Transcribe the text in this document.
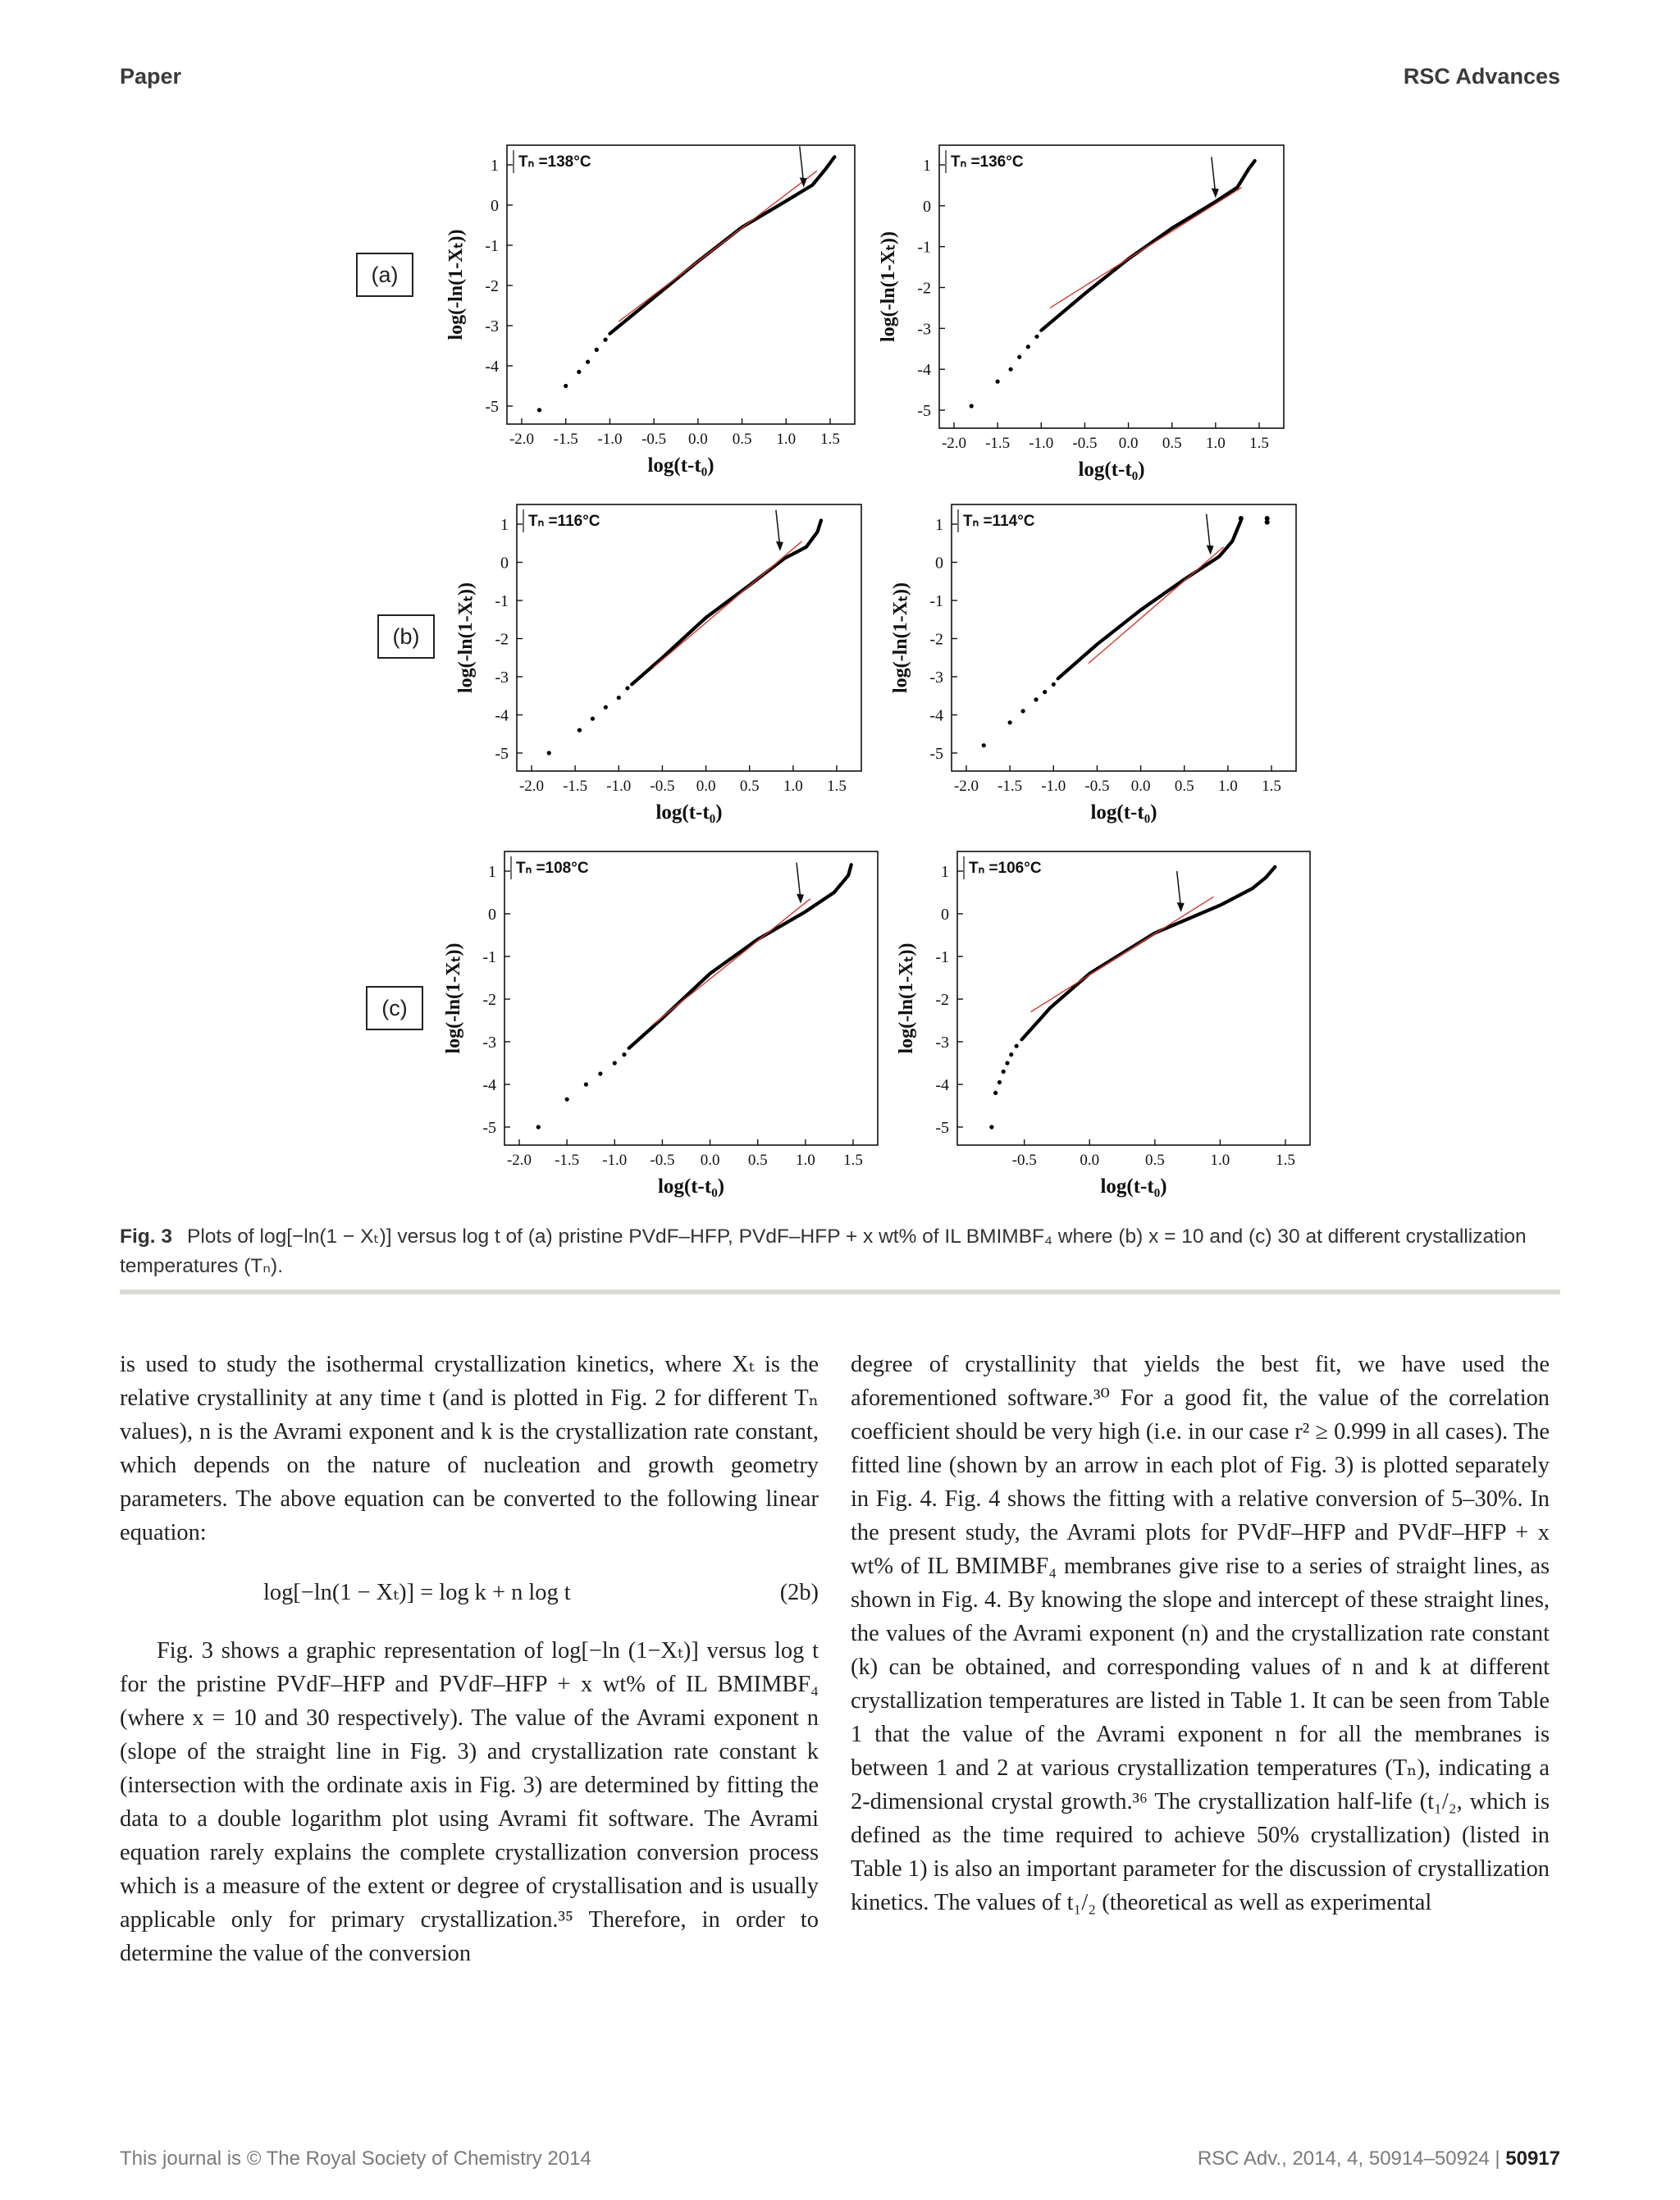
Paper	RSC Advances
1
0
-1
-2
-3
-4
-5
-2.0 -1.5 -1.0 -0.5 0.0 0.5 1.0 1.5
log(t-t₀)
log(-ln(1-Xₜ))
Tₙ =138°C	1
0
-1
-2
-3
-4
-5
-2.0 -1.5 -1.0 -0.5 0.0 0.5 1.0 1.5
log(t-t₀)
log(-ln(1-Xₜ))
Tₙ =136°C
1
0
-1
-2
-3
-4
-5
-2.0 -1.5 -1.0 -0.5 0.0 0.5 1.0 1.5
log(t-t₀)
log(-ln(1-Xₜ))
Tₙ =116°C	1
0
-1
-2
-3
-4
-5
-2.0 -1.5 -1.0 -0.5 0.0 0.5 1.0 1.5
log(t-t₀)
log(-ln(1-Xₜ))
Tₙ =114°C
1
0
-1
-2
-3
-4
-5
-2.0 -1.5 -1.0 -0.5 0.0 0.5 1.0 1.5
log(t-t₀)
log(-ln(1-Xₜ))
Tₙ =108°C	1
0
-1
-2
-3
-4
-5
-0.5	0.0	0.5	1.0	1.5
log(t-t₀)
log(-ln(1-Xₜ))
Tₙ =106°C
(a)
(b)
(c)
Fig. 3 Plots of log[−ln(1 − Xₜ)] versus log t of (a) pristine PVdF–HFP, PVdF–HFP + x wt% of IL BMIMBF₄ where (b) x = 10 and (c) 30 at different crystallization temperatures (Tₙ).

is used to study the isothermal crystallization kinetics, where Xₜ is the relative crystallinity at any time t (and is plotted in Fig. 2 for different Tₙ values), n is the Avrami exponent and k is the crystallization rate constant, which depends on the nature of nucleation and growth geometry parameters. The above equation can be converted to the following linear equation:

log[−ln(1 − Xₜ)] = log k + n log t	(2b)

Fig. 3 shows a graphic representation of log[−ln (1−Xₜ)] versus log t for the pristine PVdF–HFP and PVdF–HFP + x wt% of IL BMIMBF₄ (where x = 10 and 30 respectively). The value of the Avrami exponent n (slope of the straight line in Fig. 3) and crystallization rate constant k (intersection with the ordinate axis in Fig. 3) are determined by fitting the data to a double logarithm plot using Avrami fit software. The Avrami equation rarely explains the complete crystallization conversion process which is a measure of the extent or degree of crystallisation and is usually applicable only for primary crystallization.³⁵ Therefore, in order to determine the value of the conversion

degree of crystallinity that yields the best fit, we have used the aforementioned software.³⁰ For a good fit, the value of the correlation coefficient should be very high (i.e. in our case r² ≥ 0.999 in all cases). The fitted line (shown by an arrow in each plot of Fig. 3) is plotted separately in Fig. 4. Fig. 4 shows the fitting with a relative conversion of 5–30%. In the present study, the Avrami plots for PVdF–HFP and PVdF–HFP + x wt% of IL BMIMBF₄ membranes give rise to a series of straight lines, as shown in Fig. 4. By knowing the slope and intercept of these straight lines, the values of the Avrami exponent (n) and the crystallization rate constant (k) can be obtained, and corresponding values of n and k at different crystallization temperatures are listed in Table 1. It can be seen from Table 1 that the value of the Avrami exponent n for all the membranes is between 1 and 2 at various crystallization temperatures (Tₙ), indicating a 2-dimensional crystal growth.³⁶ The crystallization half-life (t₁/₂, which is defined as the time required to achieve 50% crystallization) (listed in Table 1) is also an important parameter for the discussion of crystallization kinetics. The values of t₁/₂ (theoretical as well as experimental

This journal is © The Royal Society of Chemistry 2014	RSC Adv., 2014, 4, 50914–50924 | 50917
